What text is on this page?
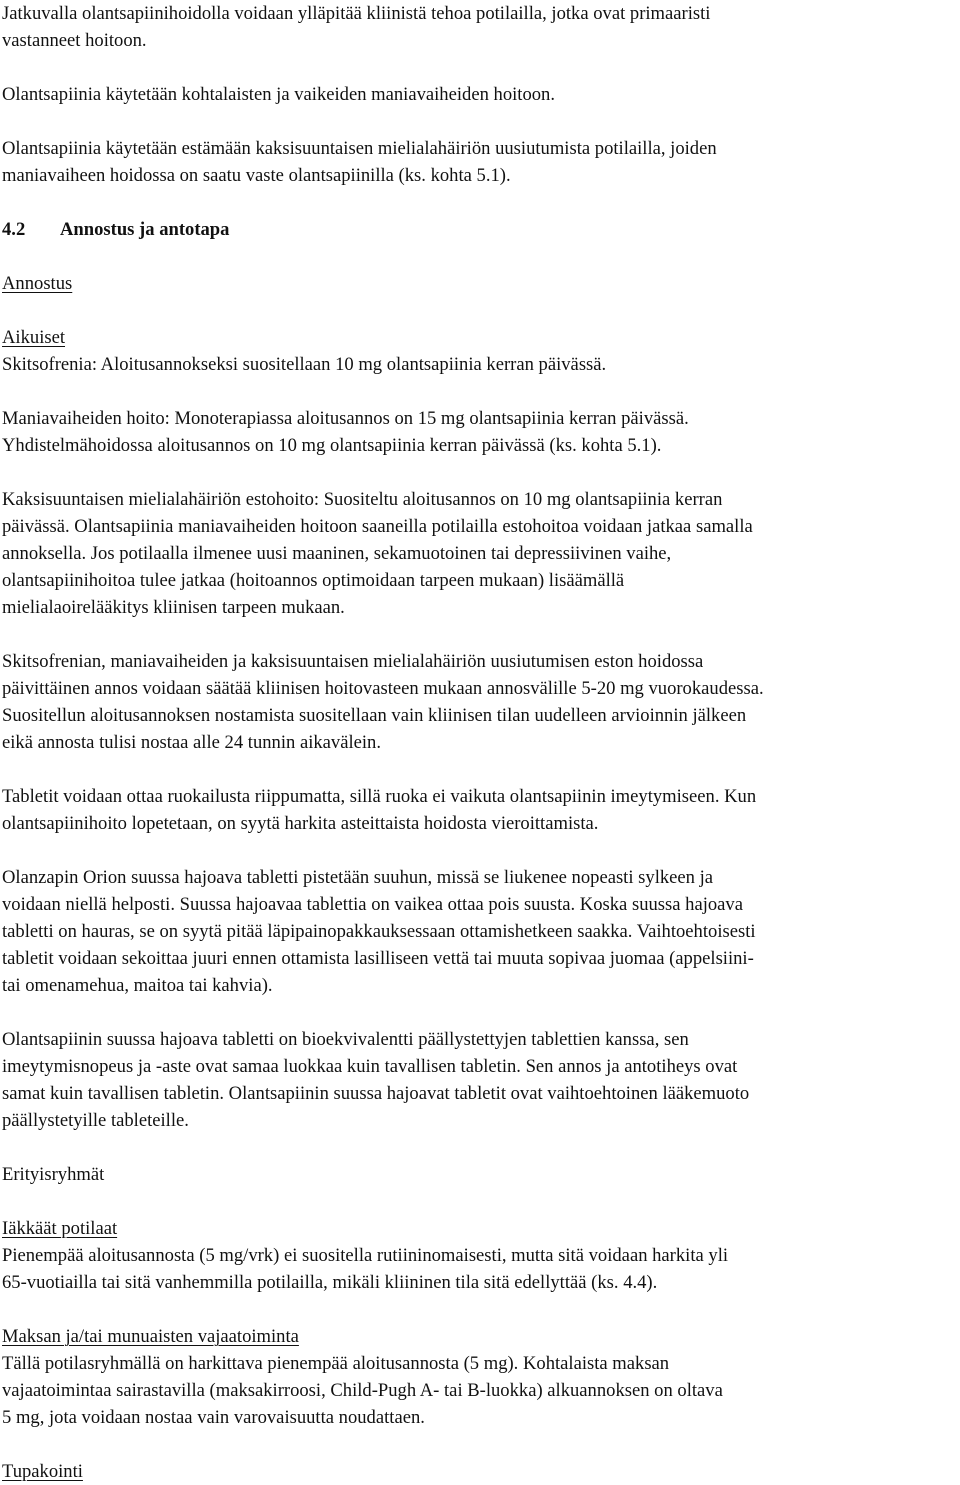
Jatkuvalla olantsapiinihoidolla voidaan ylläpitää kliinistä tehoa potilailla, jotka ovat primaaristi
vastanneet hoitoon.
Olantsapiinia käytetään kohtalaisten ja vaikeiden maniavaiheiden hoitoon.
Olantsapiinia käytetään estämään kaksisuuntaisen mielialahäiriön uusiutumista potilailla, joiden
maniavaiheen hoidossa on saatu vaste olantsapiinilla (ks. kohta 5.1).
4.2 Annostus ja antotapa
Annostus
Aikuiset
Skitsofrenia: Aloitusannokseksi suositellaan 10 mg olantsapiinia kerran päivässä.
Maniavaiheiden hoito: Monoterapiassa aloitusannos on 15 mg olantsapiinia kerran päivässä.
Yhdistelmähoidossa aloitusannos on 10 mg olantsapiinia kerran päivässä (ks. kohta 5.1).
Kaksisuuntaisen mielialahäiriön estohoito: Suositeltu aloitusannos on 10 mg olantsapiinia kerran
päivässä. Olantsapiinia maniavaiheiden hoitoon saaneilla potilailla estohoitoa voidaan jatkaa samalla
annoksella. Jos potilaalla ilmenee uusi maaninen, sekamuotoinen tai depressiivinen vaihe,
olantsapiinihoitoa tulee jatkaa (hoitoannos optimoidaan tarpeen mukaan) lisäämällä
mielialaoirelääkitys kliinisen tarpeen mukaan.
Skitsofrenian, maniavaiheiden ja kaksisuuntaisen mielialahäiriön uusiutumisen eston hoidossa
päivittäinen annos voidaan säätää kliinisen hoitovasteen mukaan annosvälille 5-20 mg vuorokaudessa.
Suositellun aloitusannoksen nostamista suositellaan vain kliinisen tilan uudelleen arvioinnin jälkeen
eikä annosta tulisi nostaa alle 24 tunnin aikavälein.
Tabletit voidaan ottaa ruokailusta riippumatta, sillä ruoka ei vaikuta olantsapiinin imeytymiseen. Kun
olantsapiinihoito lopetetaan, on syytä harkita asteittaista hoidosta vieroittamista.
Olanzapin Orion suussa hajoava tabletti pistetään suuhun, missä se liukenee nopeasti sylkeen ja
voidaan niellä helposti. Suussa hajoavaa tablettia on vaikea ottaa pois suusta. Koska suussa hajoava
tabletti on hauras, se on syytä pitää läpipainopakkauksessaan ottamishetkeen saakka. Vaihtoehtoisesti
tabletit voidaan sekoittaa juuri ennen ottamista lasilliseen vettä tai muuta sopivaa juomaa (appelsiini-
tai omenamehua, maitoa tai kahvia).
Olantsapiinin suussa hajoava tabletti on bioekvivalentti päällystettyjen tablettien kanssa, sen
imeytymisnopeus ja -aste ovat samaa luokkaa kuin tavallisen tabletin. Sen annos ja antotiheys ovat
samat kuin tavallisen tabletin. Olantsapiinin suussa hajoavat tabletit ovat vaihtoehtoinen lääkemuoto
päällystetyille tableteille.
Erityisryhmät
Iäkkäät potilaat
Pienempää aloitusannosta (5 mg/vrk) ei suositella rutiininomaisesti, mutta sitä voidaan harkita yli
65-vuotiailla tai sitä vanhemmilla potilailla, mikäli kliininen tila sitä edellyttää (ks. 4.4).
Maksan ja/tai munuaisten vajaatoiminta
Tällä potilasryhmällä on harkittava pienempää aloitusannosta (5 mg). Kohtalaista maksan
vajaatoimintaa sairastavilla (maksakirroosi, Child-Pugh A- tai B-luokka) alkuannoksen on oltava
5 mg, jota voidaan nostaa vain varovaisuutta noudattaen.
Tupakointi
